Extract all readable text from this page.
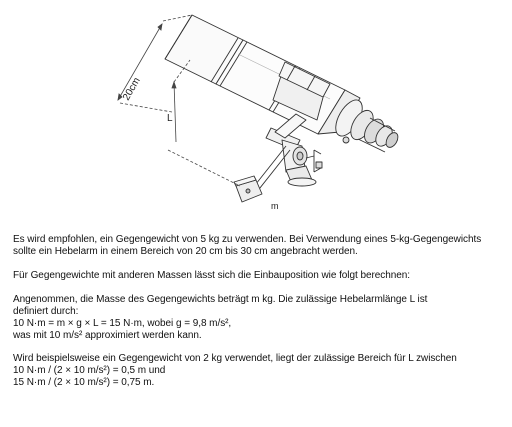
20cm
L
m

Es wird empfohlen, ein Gegengewicht von 5 kg zu verwenden. Bei Verwendung eines 5-kg-Gegengewichts

sollte ein Hebelarm in einem Bereich von 20 cm bis 30 cm angebracht werden.

Für Gegengewichte mit anderen Massen lässt sich die Einbauposition wie folgt berechnen:

Angenommen, die Masse des Gegengewichts beträgt m kg. Die zulässige Hebelarmlänge L ist

definiert durch:

10 N·m = m × g × L = 15 N·m, wobei g = 9,8 m/s²,

was mit 10 m/s² approximiert werden kann.

Wird beispielsweise ein Gegengewicht von 2 kg verwendet, liegt der zulässige Bereich für L zwischen

10 N·m / (2 × 10 m/s²) = 0,5 m und

15 N·m / (2 × 10 m/s²) = 0,75 m.
